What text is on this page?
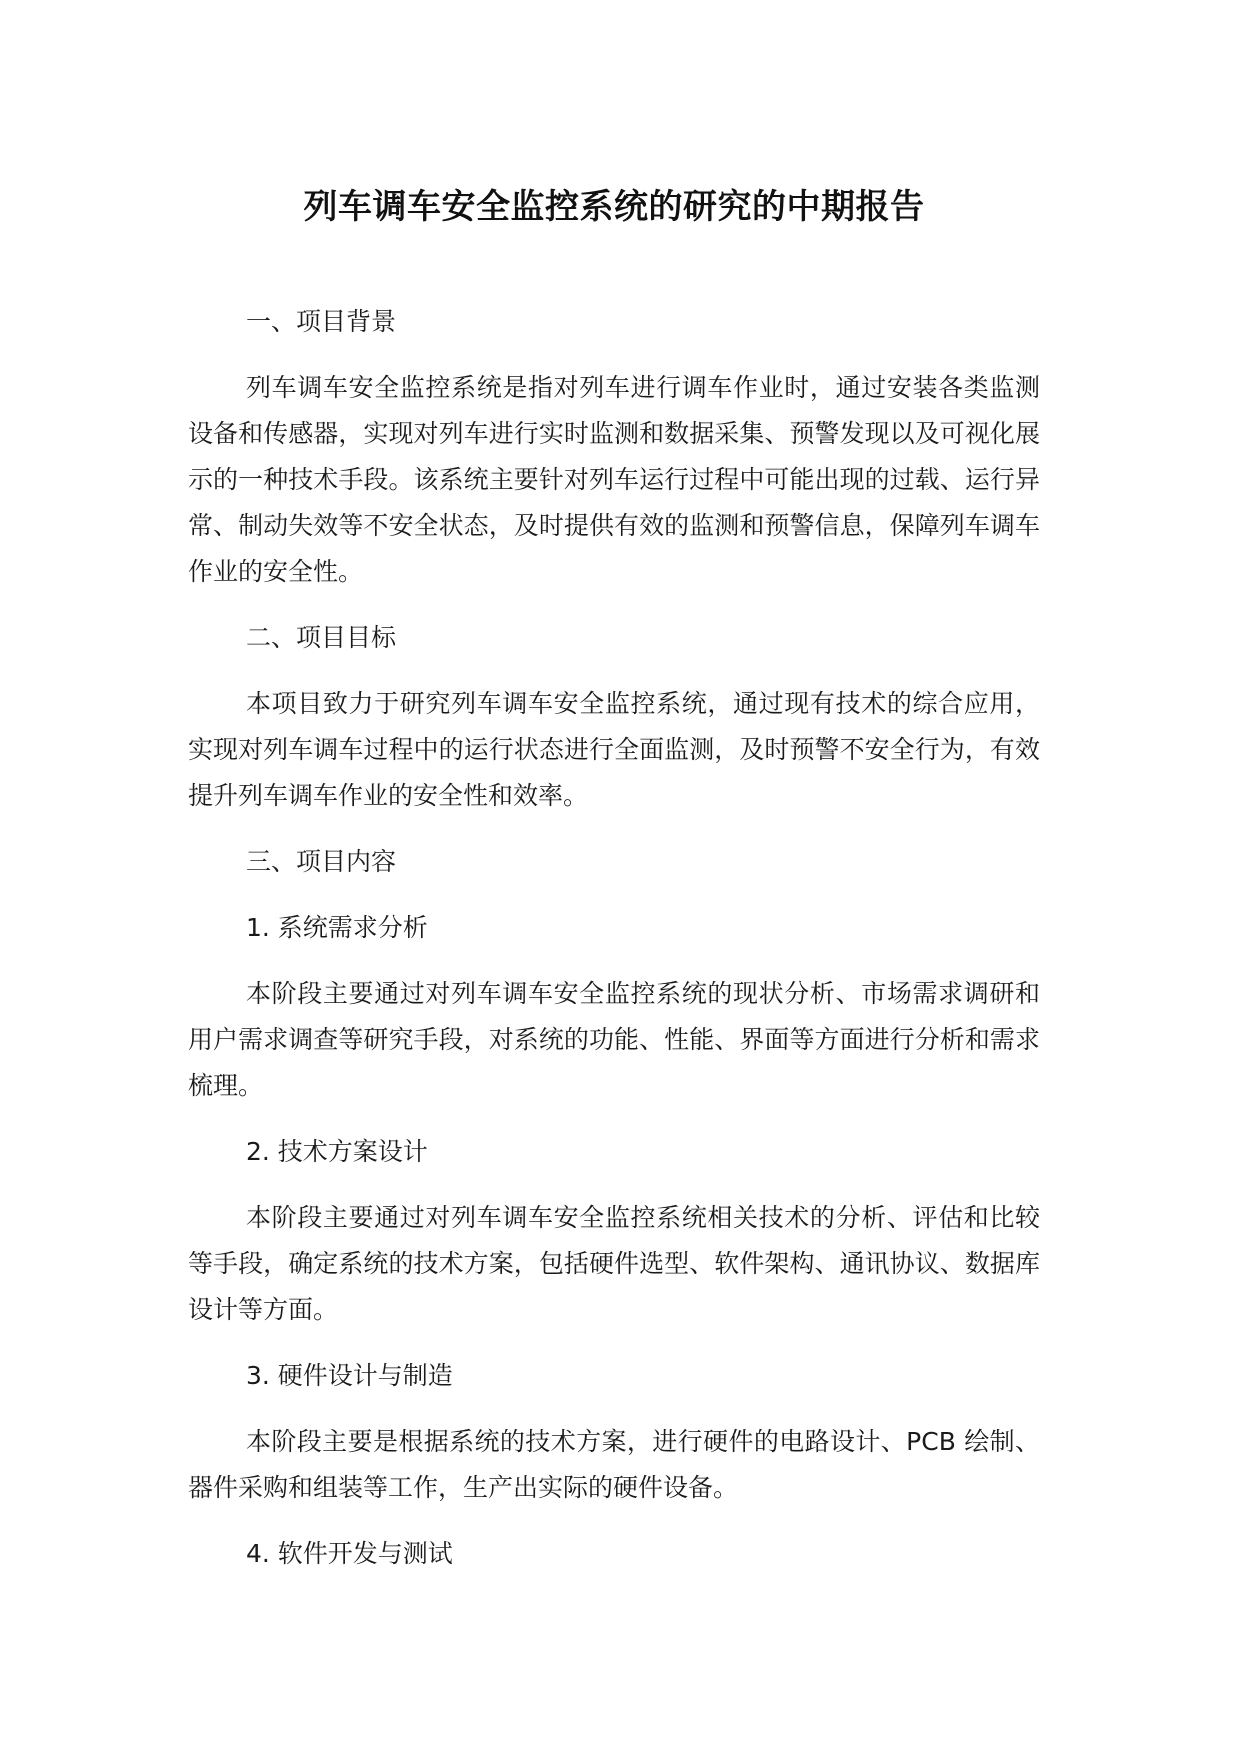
列车调车安全监控系统的研究的中期报告

一、项目背景

列车调车安全监控系统是指对列车进行调车作业时，通过安装各类监测设备和传感器，实现对列车进行实时监测和数据采集、预警发现以及可视化展示的一种技术手段。该系统主要针对列车运行过程中可能出现的过载、运行异常、制动失效等不安全状态，及时提供有效的监测和预警信息，保障列车调车作业的安全性。

二、项目目标

本项目致力于研究列车调车安全监控系统，通过现有技术的综合应用，实现对列车调车过程中的运行状态进行全面监测，及时预警不安全行为，有效提升列车调车作业的安全性和效率。

三、项目内容

1. 系统需求分析

本阶段主要通过对列车调车安全监控系统的现状分析、市场需求调研和用户需求调查等研究手段，对系统的功能、性能、界面等方面进行分析和需求梳理。

2. 技术方案设计

本阶段主要通过对列车调车安全监控系统相关技术的分析、评估和比较等手段，确定系统的技术方案，包括硬件选型、软件架构、通讯协议、数据库设计等方面。

3. 硬件设计与制造

本阶段主要是根据系统的技术方案，进行硬件的电路设计、PCB 绘制、器件采购和组装等工作，生产出实际的硬件设备。

4. 软件开发与测试
